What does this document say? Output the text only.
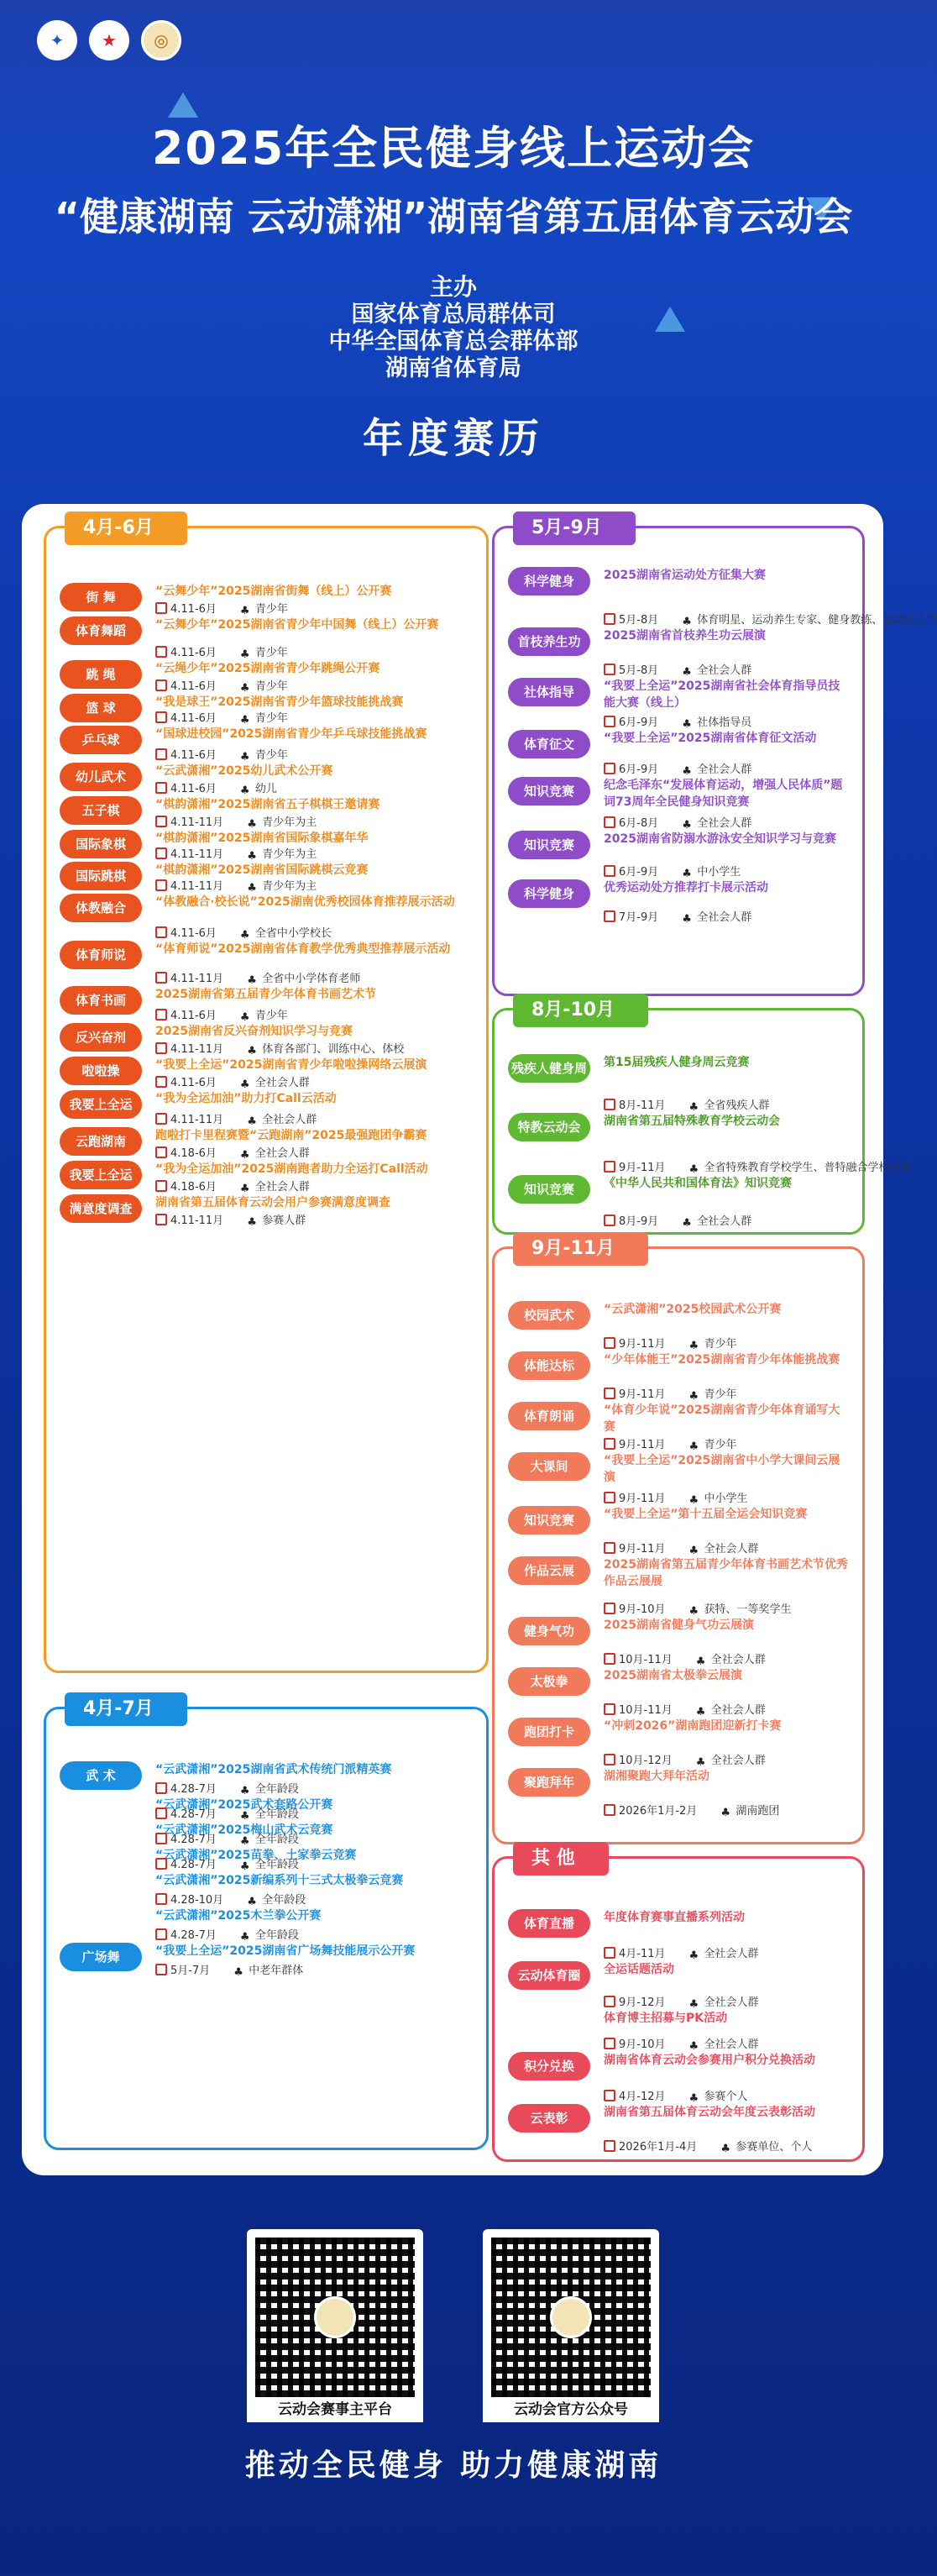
✦	★	◎
2025年全民健身线上运动会
“健康湖南 云动潇湘”湖南省第五届体育云动会
主办
国家体育总局群体司
中华全国体育总会群体部
湖南省体育局
年度赛历
4月-6月
街 舞	“云舞少年”2025湖南省街舞（线上）公开赛
4.11-6月 ♣ 青少年
体育舞蹈	“云舞少年”2025湖南省青少年中国舞（线上）公开赛
4.11-6月 ♣ 青少年
跳 绳	“云绳少年”2025湖南省青少年跳绳公开赛
4.11-6月 ♣ 青少年
篮 球	“我是球王”2025湖南省青少年篮球技能挑战赛
4.11-6月 ♣ 青少年
乒乓球	“国球进校园”2025湖南省青少年乒乓球技能挑战赛
4.11-6月 ♣ 青少年
幼儿武术	“云武潇湘”2025幼儿武术公开赛
4.11-6月 ♣ 幼儿
五子棋	“棋韵潇湘”2025湖南省五子棋棋王邀请赛
4.11-11月 ♣ 青少年为主
国际象棋	“棋韵潇湘”2025湖南省国际象棋嘉年华
4.11-11月 ♣ 青少年为主
国际跳棋	“棋韵潇湘”2025湖南省国际跳棋云竞赛
4.11-11月 ♣ 青少年为主
体教融合	“体教融合·校长说”2025湖南优秀校园体育推荐展示活动
4.11-6月 ♣ 全省中小学校长
体育师说	“体育师说”2025湖南省体育教学优秀典型推荐展示活动
4.11-11月 ♣ 全省中小学体育老师
体育书画	2025湖南省第五届青少年体育书画艺术节
4.11-6月 ♣ 青少年
反兴奋剂	2025湖南省反兴奋剂知识学习与竞赛
4.11-11月 ♣ 体育各部门、训练中心、体校
啦啦操	“我要上全运”2025湖南省青少年啦啦操网络云展演
4.11-6月 ♣ 全社会人群
我要上全运	“我为全运加油”助力打Call云活动
4.11-11月 ♣ 全社会人群
云跑湖南	跑啦打卡里程赛暨“云跑湖南”2025最强跑团争霸赛
4.18-6月 ♣ 全社会人群
我要上全运	“我为全运加油”2025湖南跑者助力全运打Call活动
4.18-6月 ♣ 全社会人群
满意度调查	湖南省第五届体育云动会用户参赛满意度调查
4.11-11月 ♣ 参赛人群
4月-7月
武 术	“云武潇湘”2025湖南省武术传统门派精英赛
4.28-7月 ♣ 全年龄段
“云武潇湘”2025武术套路公开赛
4.28-7月 ♣ 全年龄段
“云武潇湘”2025梅山武术云竞赛
4.28-7月 ♣ 全年龄段
“云武潇湘”2025苗拳、土家拳云竞赛
4.28-7月 ♣ 全年龄段
“云武潇湘”2025新编系列十三式太极拳云竞赛
4.28-10月 ♣ 全年龄段
“云武潇湘”2025木兰拳公开赛
4.28-7月 ♣ 全年龄段
广场舞	“我要上全运”2025湖南省广场舞技能展示公开赛
5月-7月 ♣ 中老年群体
5月-9月
科学健身	2025湖南省运动处方征集大赛
5月-8月 ♣ 体育明星、运动养生专家、健身教练、运动达人等
首枝养生功	2025湖南省首枝养生功云展演
5月-8月 ♣ 全社会人群
社体指导	“我要上全运”2025湖南省社会体育指导员技能大赛（线上）
6月-9月 ♣ 社体指导员
体育征文	“我要上全运”2025湖南省体育征文活动
6月-9月 ♣ 全社会人群
知识竞赛	纪念毛泽东“发展体育运动，增强人民体质”题词73周年全民健身知识竞赛
6月-8月 ♣ 全社会人群
知识竞赛	2025湖南省防溺水游泳安全知识学习与竞赛
6月-9月 ♣ 中小学生
科学健身	优秀运动处方推荐打卡展示活动
7月-9月 ♣ 全社会人群
8月-10月
残疾人健身周 第15届残疾人健身周云竞赛
8月-11月 ♣ 全省残疾人群
特教云动会	湖南省第五届特殊教育学校云动会
9月-11月 ♣ 全省特殊教育学校学生、普特融合学校学生
知识竞赛	《中华人民共和国体育法》知识竞赛
8月-9月 ♣ 全社会人群
9月-11月
校园武术	“云武潇湘”2025校园武术公开赛
9月-11月 ♣ 青少年
体能达标	“少年体能王”2025湖南省青少年体能挑战赛
9月-11月 ♣ 青少年
体育朗诵	“体育少年说”2025湖南省青少年体育诵写大赛
9月-11月 ♣ 青少年
大课间	“我要上全运”2025湖南省中小学大课间云展演
9月-11月 ♣ 中小学生
知识竞赛	“我要上全运”第十五届全运会知识竞赛
9月-11月 ♣ 全社会人群
作品云展	2025湖南省第五届青少年体育书画艺术节优秀作品云展展
9月-10月 ♣ 获特、一等奖学生
健身气功	2025湖南省健身气功云展演
10月-11月 ♣ 全社会人群
太极拳	2025湖南省太极拳云展演
10月-11月 ♣ 全社会人群
跑团打卡	“冲刺2026”湖南跑团迎新打卡赛
10月-12月 ♣ 全社会人群
聚跑拜年	湖湘聚跑大拜年活动
2026年1月-2月 ♣ 湖南跑团
其 他
体育直播	年度体育赛事直播系列活动
4月-11月 ♣ 全社会人群
云动体育圈	全运话题活动
9月-12月 ♣ 全社会人群
体育博主招募与PK活动
9月-10月 ♣ 全社会人群
积分兑换	湖南省体育云动会参赛用户积分兑换活动
4月-12月 ♣ 参赛个人
云表彰	湖南省第五届体育云动会年度云表彰活动
2026年1月-4月 ♣ 参赛单位、个人
云动会赛事主平台	云动会官方公众号
推动全民健身 助力健康湖南
